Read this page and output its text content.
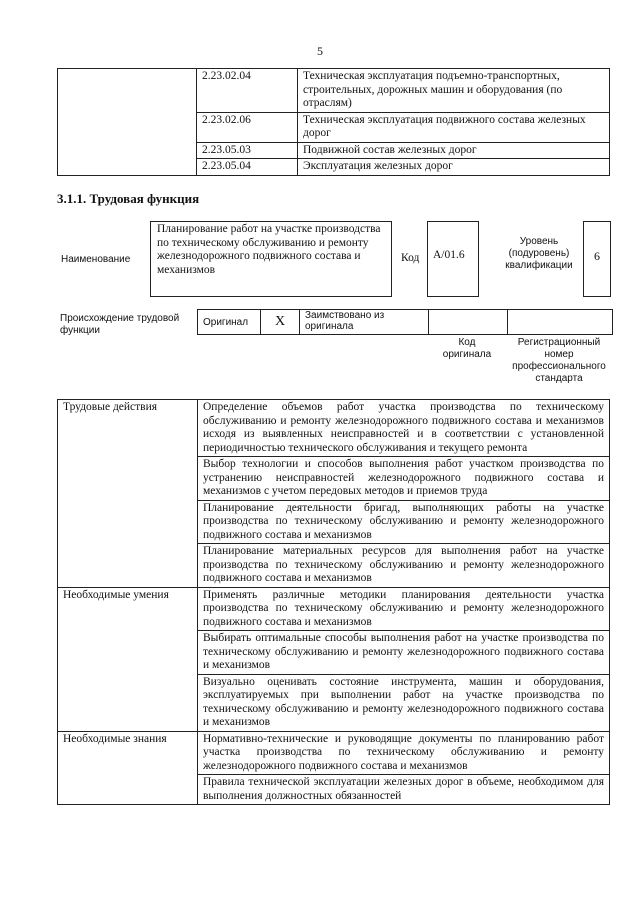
5
	2.23.02.04	Техническая эксплуатация подъемно-транспортных, строительных, дорожных машин и оборудования (по отраслям)
	2.23.02.06	Техническая эксплуатация подвижного состава железных дорог
	2.23.05.03	Подвижной состав железных дорог
	2.23.05.04	Эксплуатация железных дорог
3.1.1. Трудовая функция
Наименование
Планирование работ на участке производства по техническому обслуживанию и ремонту железнодорожного подвижного состава и механизмов
Код	А/01.6
Уровень (подуровень) квалификации
6
Происхождение трудовой функции
Оригинал	X	Заимствовано из оригинала		
Код оригинала
Регистрационный номер профессионального стандарта
Трудовые действия	Определение объемов работ участка производства по техническому обслуживанию и ремонту железнодорожного подвижного состава и механизмов исходя из выявленных неисправностей и в соответствии с установленной периодичностью технического обслуживания и текущего ремонта
	Выбор технологии и способов выполнения работ участком производства по устранению неисправностей железнодорожного подвижного состава и механизмов с учетом передовых методов и приемов труда
	Планирование деятельности бригад, выполняющих работы на участке производства по техническому обслуживанию и ремонту железнодорожного подвижного состава и механизмов
	Планирование материальных ресурсов для выполнения работ на участке производства по техническому обслуживанию и ремонту железнодорожного подвижного состава и механизмов
Необходимые умения	Применять различные методики планирования деятельности участка производства по техническому обслуживанию и ремонту железнодорожного подвижного состава и механизмов
	Выбирать оптимальные способы выполнения работ на участке производства по техническому обслуживанию и ремонту железнодорожного подвижного состава и механизмов
	Визуально оценивать состояние инструмента, машин и оборудования, эксплуатируемых при выполнении работ на участке производства по техническому обслуживанию и ремонту железнодорожного подвижного состава и механизмов
Необходимые знания	Нормативно-технические и руководящие документы по планированию работ участка производства по техническому обслуживанию и ремонту железнодорожного подвижного состава и механизмов
	Правила технической эксплуатации железных дорог в объеме, необходимом для выполнения должностных обязанностей
